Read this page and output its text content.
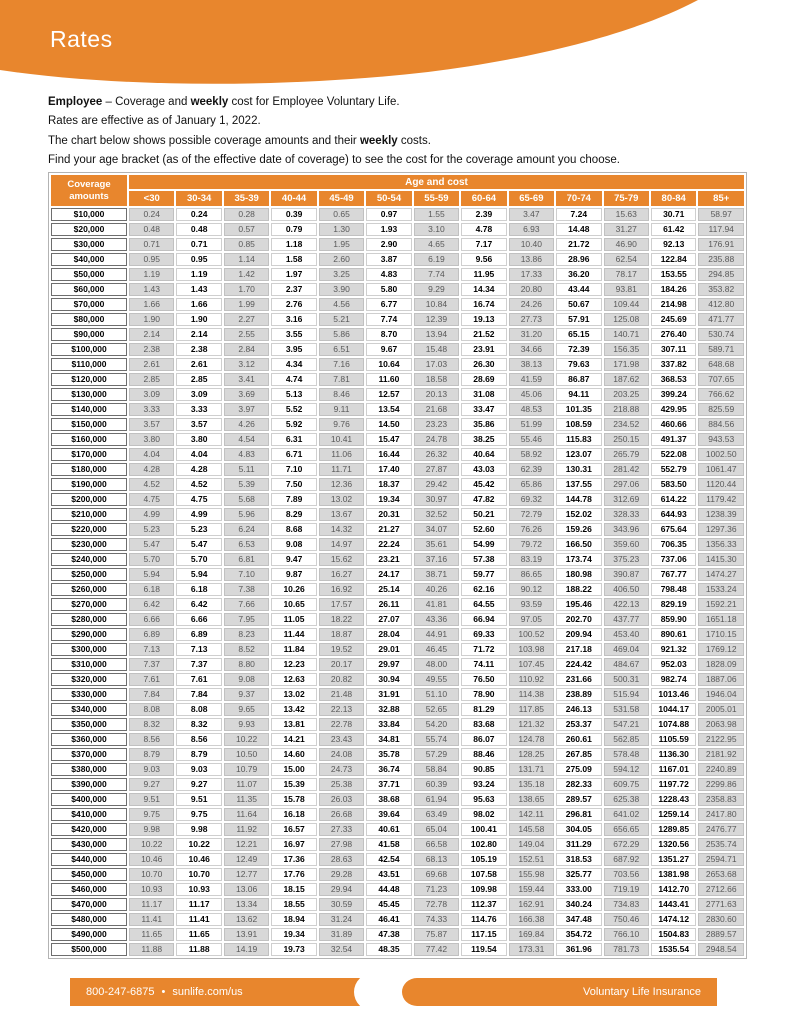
Rates
Employee – Coverage and weekly cost for Employee Voluntary Life.
Rates are effective as of January 1, 2022.
The chart below shows possible coverage amounts and their weekly costs.
Find your age bracket (as of the effective date of coverage) to see the cost for the coverage amount you choose.
Coverage amounts	Age and cost												
	<30	30-34	35-39	40-44	45-49	50-54	55-59	60-64	65-69	70-74	75-79	80-84	85+
$10,000	0.24	0.24	0.28	0.39	0.65	0.97	1.55	2.39	3.47	7.24	15.63	30.71	58.97
$20,000	0.48	0.48	0.57	0.79	1.30	1.93	3.10	4.78	6.93	14.48	31.27	61.42	117.94
$30,000	0.71	0.71	0.85	1.18	1.95	2.90	4.65	7.17	10.40	21.72	46.90	92.13	176.91
$40,000	0.95	0.95	1.14	1.58	2.60	3.87	6.19	9.56	13.86	28.96	62.54	122.84	235.88
$50,000	1.19	1.19	1.42	1.97	3.25	4.83	7.74	11.95	17.33	36.20	78.17	153.55	294.85
$60,000	1.43	1.43	1.70	2.37	3.90	5.80	9.29	14.34	20.80	43.44	93.81	184.26	353.82
$70,000	1.66	1.66	1.99	2.76	4.56	6.77	10.84	16.74	24.26	50.67	109.44	214.98	412.80
$80,000	1.90	1.90	2.27	3.16	5.21	7.74	12.39	19.13	27.73	57.91	125.08	245.69	471.77
$90,000	2.14	2.14	2.55	3.55	5.86	8.70	13.94	21.52	31.20	65.15	140.71	276.40	530.74
$100,000	2.38	2.38	2.84	3.95	6.51	9.67	15.48	23.91	34.66	72.39	156.35	307.11	589.71
$110,000	2.61	2.61	3.12	4.34	7.16	10.64	17.03	26.30	38.13	79.63	171.98	337.82	648.68
$120,000	2.85	2.85	3.41	4.74	7.81	11.60	18.58	28.69	41.59	86.87	187.62	368.53	707.65
$130,000	3.09	3.09	3.69	5.13	8.46	12.57	20.13	31.08	45.06	94.11	203.25	399.24	766.62
$140,000	3.33	3.33	3.97	5.52	9.11	13.54	21.68	33.47	48.53	101.35	218.88	429.95	825.59
$150,000	3.57	3.57	4.26	5.92	9.76	14.50	23.23	35.86	51.99	108.59	234.52	460.66	884.56
$160,000	3.80	3.80	4.54	6.31	10.41	15.47	24.78	38.25	55.46	115.83	250.15	491.37	943.53
$170,000	4.04	4.04	4.83	6.71	11.06	16.44	26.32	40.64	58.92	123.07	265.79	522.08	1002.50
$180,000	4.28	4.28	5.11	7.10	11.71	17.40	27.87	43.03	62.39	130.31	281.42	552.79	1061.47
$190,000	4.52	4.52	5.39	7.50	12.36	18.37	29.42	45.42	65.86	137.55	297.06	583.50	1120.44
$200,000	4.75	4.75	5.68	7.89	13.02	19.34	30.97	47.82	69.32	144.78	312.69	614.22	1179.42
$210,000	4.99	4.99	5.96	8.29	13.67	20.31	32.52	50.21	72.79	152.02	328.33	644.93	1238.39
$220,000	5.23	5.23	6.24	8.68	14.32	21.27	34.07	52.60	76.26	159.26	343.96	675.64	1297.36
$230,000	5.47	5.47	6.53	9.08	14.97	22.24	35.61	54.99	79.72	166.50	359.60	706.35	1356.33
$240,000	5.70	5.70	6.81	9.47	15.62	23.21	37.16	57.38	83.19	173.74	375.23	737.06	1415.30
$250,000	5.94	5.94	7.10	9.87	16.27	24.17	38.71	59.77	86.65	180.98	390.87	767.77	1474.27
$260,000	6.18	6.18	7.38	10.26	16.92	25.14	40.26	62.16	90.12	188.22	406.50	798.48	1533.24
$270,000	6.42	6.42	7.66	10.65	17.57	26.11	41.81	64.55	93.59	195.46	422.13	829.19	1592.21
$280,000	6.66	6.66	7.95	11.05	18.22	27.07	43.36	66.94	97.05	202.70	437.77	859.90	1651.18
$290,000	6.89	6.89	8.23	11.44	18.87	28.04	44.91	69.33	100.52	209.94	453.40	890.61	1710.15
$300,000	7.13	7.13	8.52	11.84	19.52	29.01	46.45	71.72	103.98	217.18	469.04	921.32	1769.12
$310,000	7.37	7.37	8.80	12.23	20.17	29.97	48.00	74.11	107.45	224.42	484.67	952.03	1828.09
$320,000	7.61	7.61	9.08	12.63	20.82	30.94	49.55	76.50	110.92	231.66	500.31	982.74	1887.06
$330,000	7.84	7.84	9.37	13.02	21.48	31.91	51.10	78.90	114.38	238.89	515.94	1013.46	1946.04
$340,000	8.08	8.08	9.65	13.42	22.13	32.88	52.65	81.29	117.85	246.13	531.58	1044.17	2005.01
$350,000	8.32	8.32	9.93	13.81	22.78	33.84	54.20	83.68	121.32	253.37	547.21	1074.88	2063.98
$360,000	8.56	8.56	10.22	14.21	23.43	34.81	55.74	86.07	124.78	260.61	562.85	1105.59	2122.95
$370,000	8.79	8.79	10.50	14.60	24.08	35.78	57.29	88.46	128.25	267.85	578.48	1136.30	2181.92
$380,000	9.03	9.03	10.79	15.00	24.73	36.74	58.84	90.85	131.71	275.09	594.12	1167.01	2240.89
$390,000	9.27	9.27	11.07	15.39	25.38	37.71	60.39	93.24	135.18	282.33	609.75	1197.72	2299.86
$400,000	9.51	9.51	11.35	15.78	26.03	38.68	61.94	95.63	138.65	289.57	625.38	1228.43	2358.83
$410,000	9.75	9.75	11.64	16.18	26.68	39.64	63.49	98.02	142.11	296.81	641.02	1259.14	2417.80
$420,000	9.98	9.98	11.92	16.57	27.33	40.61	65.04	100.41	145.58	304.05	656.65	1289.85	2476.77
$430,000	10.22	10.22	12.21	16.97	27.98	41.58	66.58	102.80	149.04	311.29	672.29	1320.56	2535.74
$440,000	10.46	10.46	12.49	17.36	28.63	42.54	68.13	105.19	152.51	318.53	687.92	1351.27	2594.71
$450,000	10.70	10.70	12.77	17.76	29.28	43.51	69.68	107.58	155.98	325.77	703.56	1381.98	2653.68
$460,000	10.93	10.93	13.06	18.15	29.94	44.48	71.23	109.98	159.44	333.00	719.19	1412.70	2712.66
$470,000	11.17	11.17	13.34	18.55	30.59	45.45	72.78	112.37	162.91	340.24	734.83	1443.41	2771.63
$480,000	11.41	11.41	13.62	18.94	31.24	46.41	74.33	114.76	166.38	347.48	750.46	1474.12	2830.60
$490,000	11.65	11.65	13.91	19.34	31.89	47.38	75.87	117.15	169.84	354.72	766.10	1504.83	2889.57
$500,000	11.88	11.88	14.19	19.73	32.54	48.35	77.42	119.54	173.31	361.96	781.73	1535.54	2948.54
800-247-6875 • sunlife.com/us	Voluntary Life Insurance
